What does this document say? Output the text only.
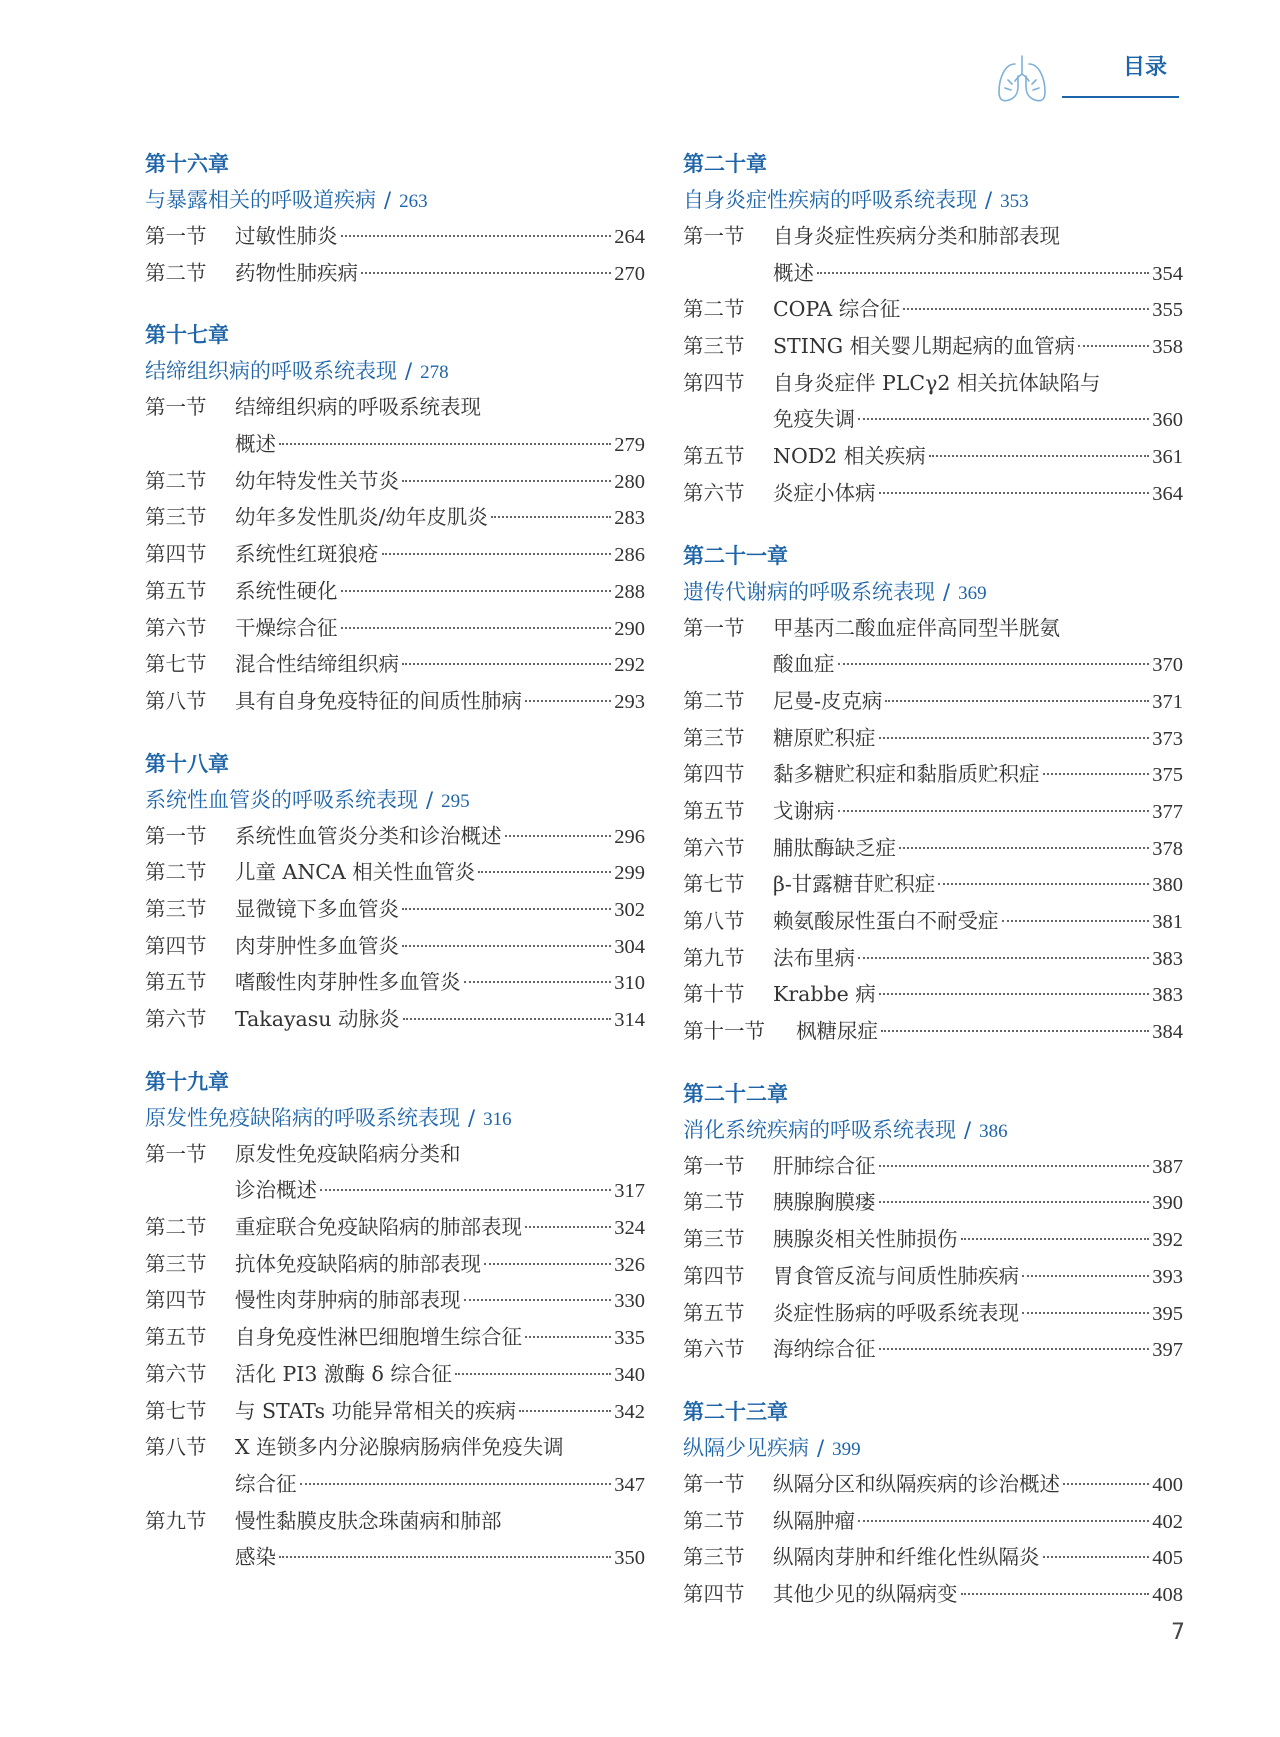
目录
第十六章
与暴露相关的呼吸道疾病 / 263
第一节	过敏性肺炎	264
第二节	药物性肺疾病	270
第十七章
结缔组织病的呼吸系统表现 / 278
第一节	结缔组织病的呼吸系统表现
概述	279
第二节	幼年特发性关节炎	280
第三节	幼年多发性肌炎/幼年皮肌炎	283
第四节	系统性红斑狼疮	286
第五节	系统性硬化	288
第六节	干燥综合征	290
第七节	混合性结缔组织病	292
第八节	具有自身免疫特征的间质性肺病	293
第十八章
系统性血管炎的呼吸系统表现 / 295
第一节	系统性血管炎分类和诊治概述	296
第二节	儿童 ANCA 相关性血管炎	299
第三节	显微镜下多血管炎	302
第四节	肉芽肿性多血管炎	304
第五节	嗜酸性肉芽肿性多血管炎	310
第六节	Takayasu 动脉炎	314
第十九章
原发性免疫缺陷病的呼吸系统表现 / 316
第一节	原发性免疫缺陷病分类和
诊治概述	317
第二节	重症联合免疫缺陷病的肺部表现	324
第三节	抗体免疫缺陷病的肺部表现	326
第四节	慢性肉芽肿病的肺部表现	330
第五节	自身免疫性淋巴细胞增生综合征	335
第六节	活化 PI3 激酶 δ 综合征	340
第七节	与 STATs 功能异常相关的疾病	342
第八节	X 连锁多内分泌腺病肠病伴免疫失调
综合征	347
第九节	慢性黏膜皮肤念珠菌病和肺部
感染	350
第二十章
自身炎症性疾病的呼吸系统表现 / 353
第一节	自身炎症性疾病分类和肺部表现
概述	354
第二节	COPA 综合征	355
第三节	STING 相关婴儿期起病的血管病	358
第四节	自身炎症伴 PLCγ2 相关抗体缺陷与
免疫失调	360
第五节	NOD2 相关疾病	361
第六节	炎症小体病	364
第二十一章
遗传代谢病的呼吸系统表现 / 369
第一节	甲基丙二酸血症伴高同型半胱氨
酸血症	370
第二节	尼曼-皮克病	371
第三节	糖原贮积症	373
第四节	黏多糖贮积症和黏脂质贮积症	375
第五节	戈谢病	377
第六节	脯肽酶缺乏症	378
第七节	β-甘露糖苷贮积症	380
第八节	赖氨酸尿性蛋白不耐受症	381
第九节	法布里病	383
第十节	Krabbe 病	383
第十一节	枫糖尿症	384
第二十二章
消化系统疾病的呼吸系统表现 / 386
第一节	肝肺综合征	387
第二节	胰腺胸膜瘘	390
第三节	胰腺炎相关性肺损伤	392
第四节	胃食管反流与间质性肺疾病	393
第五节	炎症性肠病的呼吸系统表现	395
第六节	海纳综合征	397
第二十三章
纵隔少见疾病 / 399
第一节	纵隔分区和纵隔疾病的诊治概述	400
第二节	纵隔肿瘤	402
第三节	纵隔肉芽肿和纤维化性纵隔炎	405
第四节	其他少见的纵隔病变	408
7
